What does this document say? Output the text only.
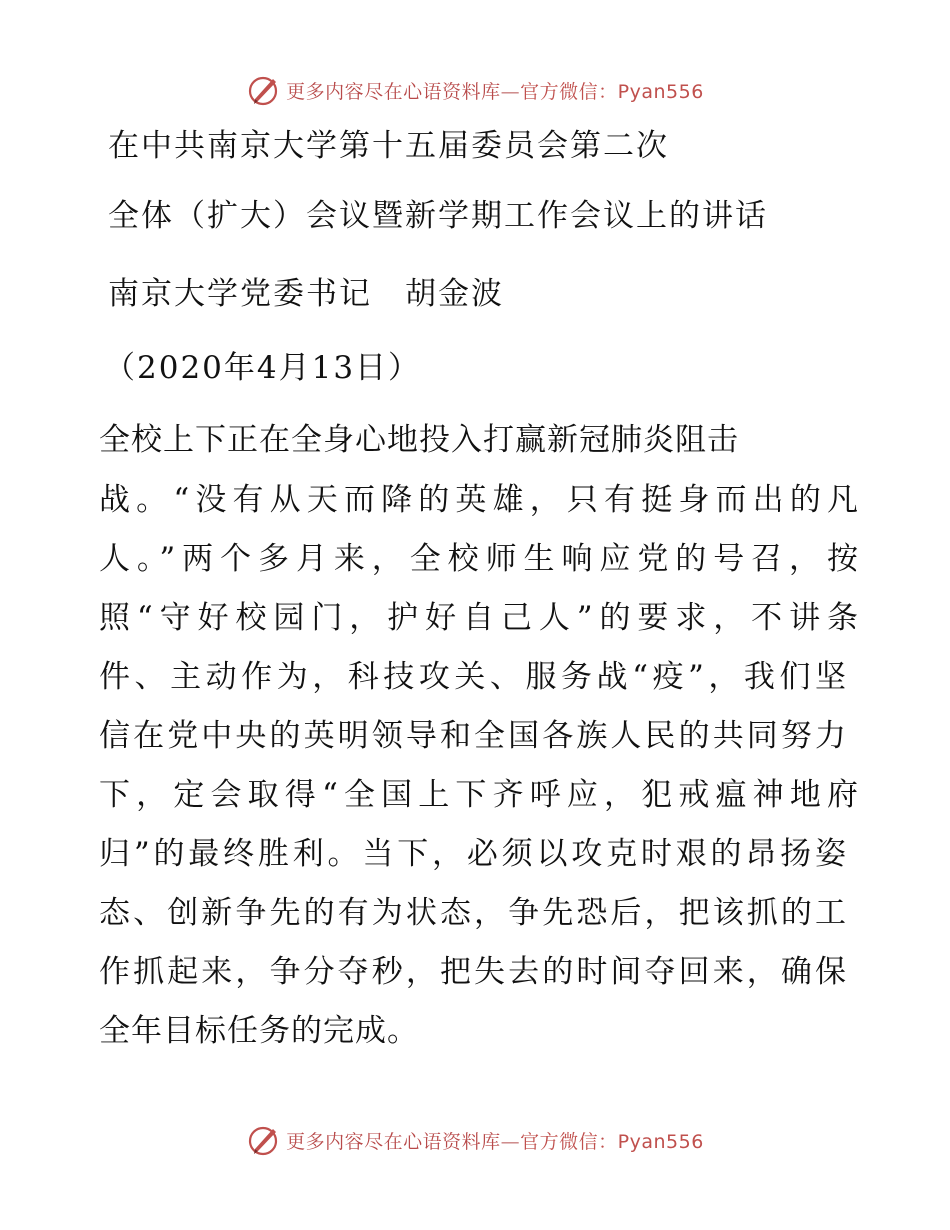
更多内容尽在心语资料库—官方微信：Pyan556
在中共南京大学第十五届委员会第二次
全体（扩大）会议暨新学期工作会议上的讲话
南京大学党委书记　胡金波
（2020年4月13日）
全校上下正在全身心地投入打赢新冠肺炎阻击
战。“没有从天而降的英雄，只有挺身而出的凡
人。”两个多月来，全校师生响应党的号召，按
照“守好校园门，护好自己人”的要求，不讲条
件、主动作为，科技攻关、服务战“疫”，我们坚
信在党中央的英明领导和全国各族人民的共同努力
下，定会取得“全国上下齐呼应，犯戒瘟神地府
归”的最终胜利。当下，必须以攻克时艰的昂扬姿
态、创新争先的有为状态，争先恐后，把该抓的工
作抓起来，争分夺秒，把失去的时间夺回来，确保
全年目标任务的完成。
更多内容尽在心语资料库—官方微信：Pyan556
